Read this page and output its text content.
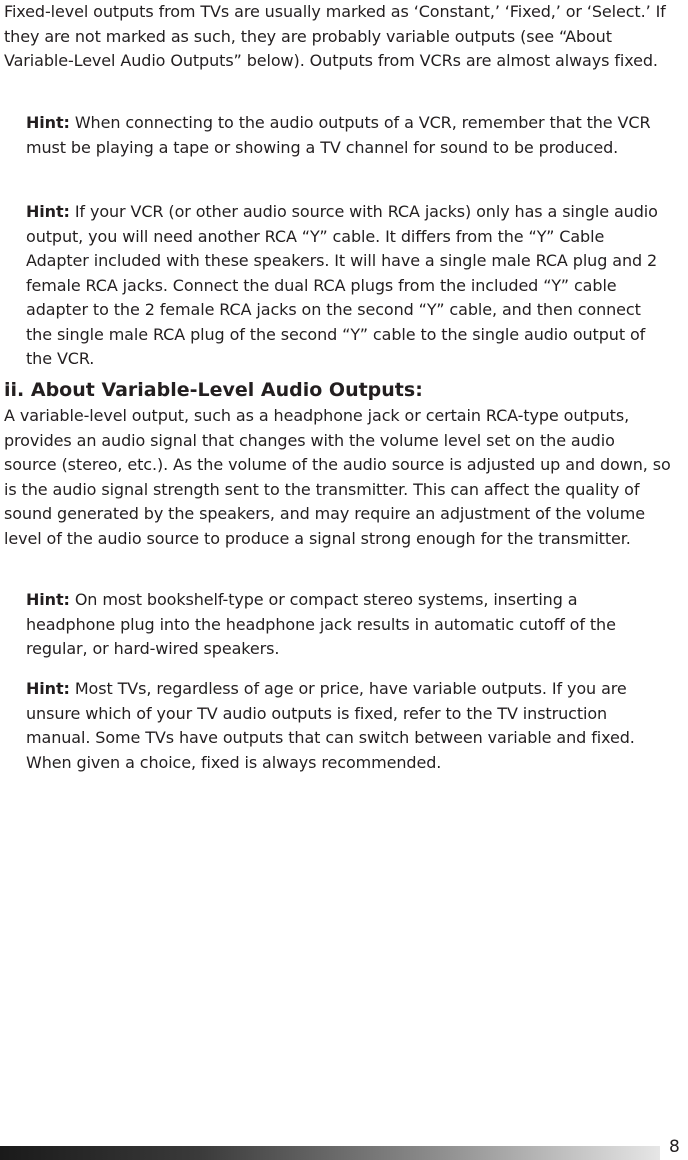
Fixed-level outputs from TVs are usually marked as ‘Constant,’ ‘Fixed,’ or ‘Select.’ If they are not marked as such, they are probably variable outputs (see “About Variable-Level Audio Outputs” below). Outputs from VCRs are almost always fixed.

Hint: When connecting to the audio outputs of a VCR, remember that the VCR must be playing a tape or showing a TV channel for sound to be produced.

Hint: If your VCR (or other audio source with RCA jacks) only has a single audio output, you will need another RCA “Y” cable. It differs from the “Y” Cable Adapter included with these speakers. It will have a single male RCA plug and 2 female RCA jacks. Connect the dual RCA plugs from the included “Y” cable adapter to the 2 female RCA jacks on the second “Y” cable, and then connect the single male RCA plug of the second “Y” cable to the single audio output of the VCR.

ii. About Variable-Level Audio Outputs:

A variable-level output, such as a headphone jack or certain RCA-type outputs, provides an audio signal that changes with the volume level set on the audio source (stereo, etc.). As the volume of the audio source is adjusted up and down, so is the audio signal strength sent to the transmitter. This can affect the quality of sound generated by the speakers, and may require an adjustment of the volume level of the audio source to produce a signal strong enough for the transmitter.

Hint: On most bookshelf-type or compact stereo systems, inserting a headphone plug into the headphone jack results in automatic cutoff of the regular, or hard-wired speakers.

Hint: Most TVs, regardless of age or price, have variable outputs. If you are unsure which of your TV audio outputs is fixed, refer to the TV instruction manual. Some TVs have outputs that can switch between variable and fixed. When given a choice, fixed is always recommended.

8
